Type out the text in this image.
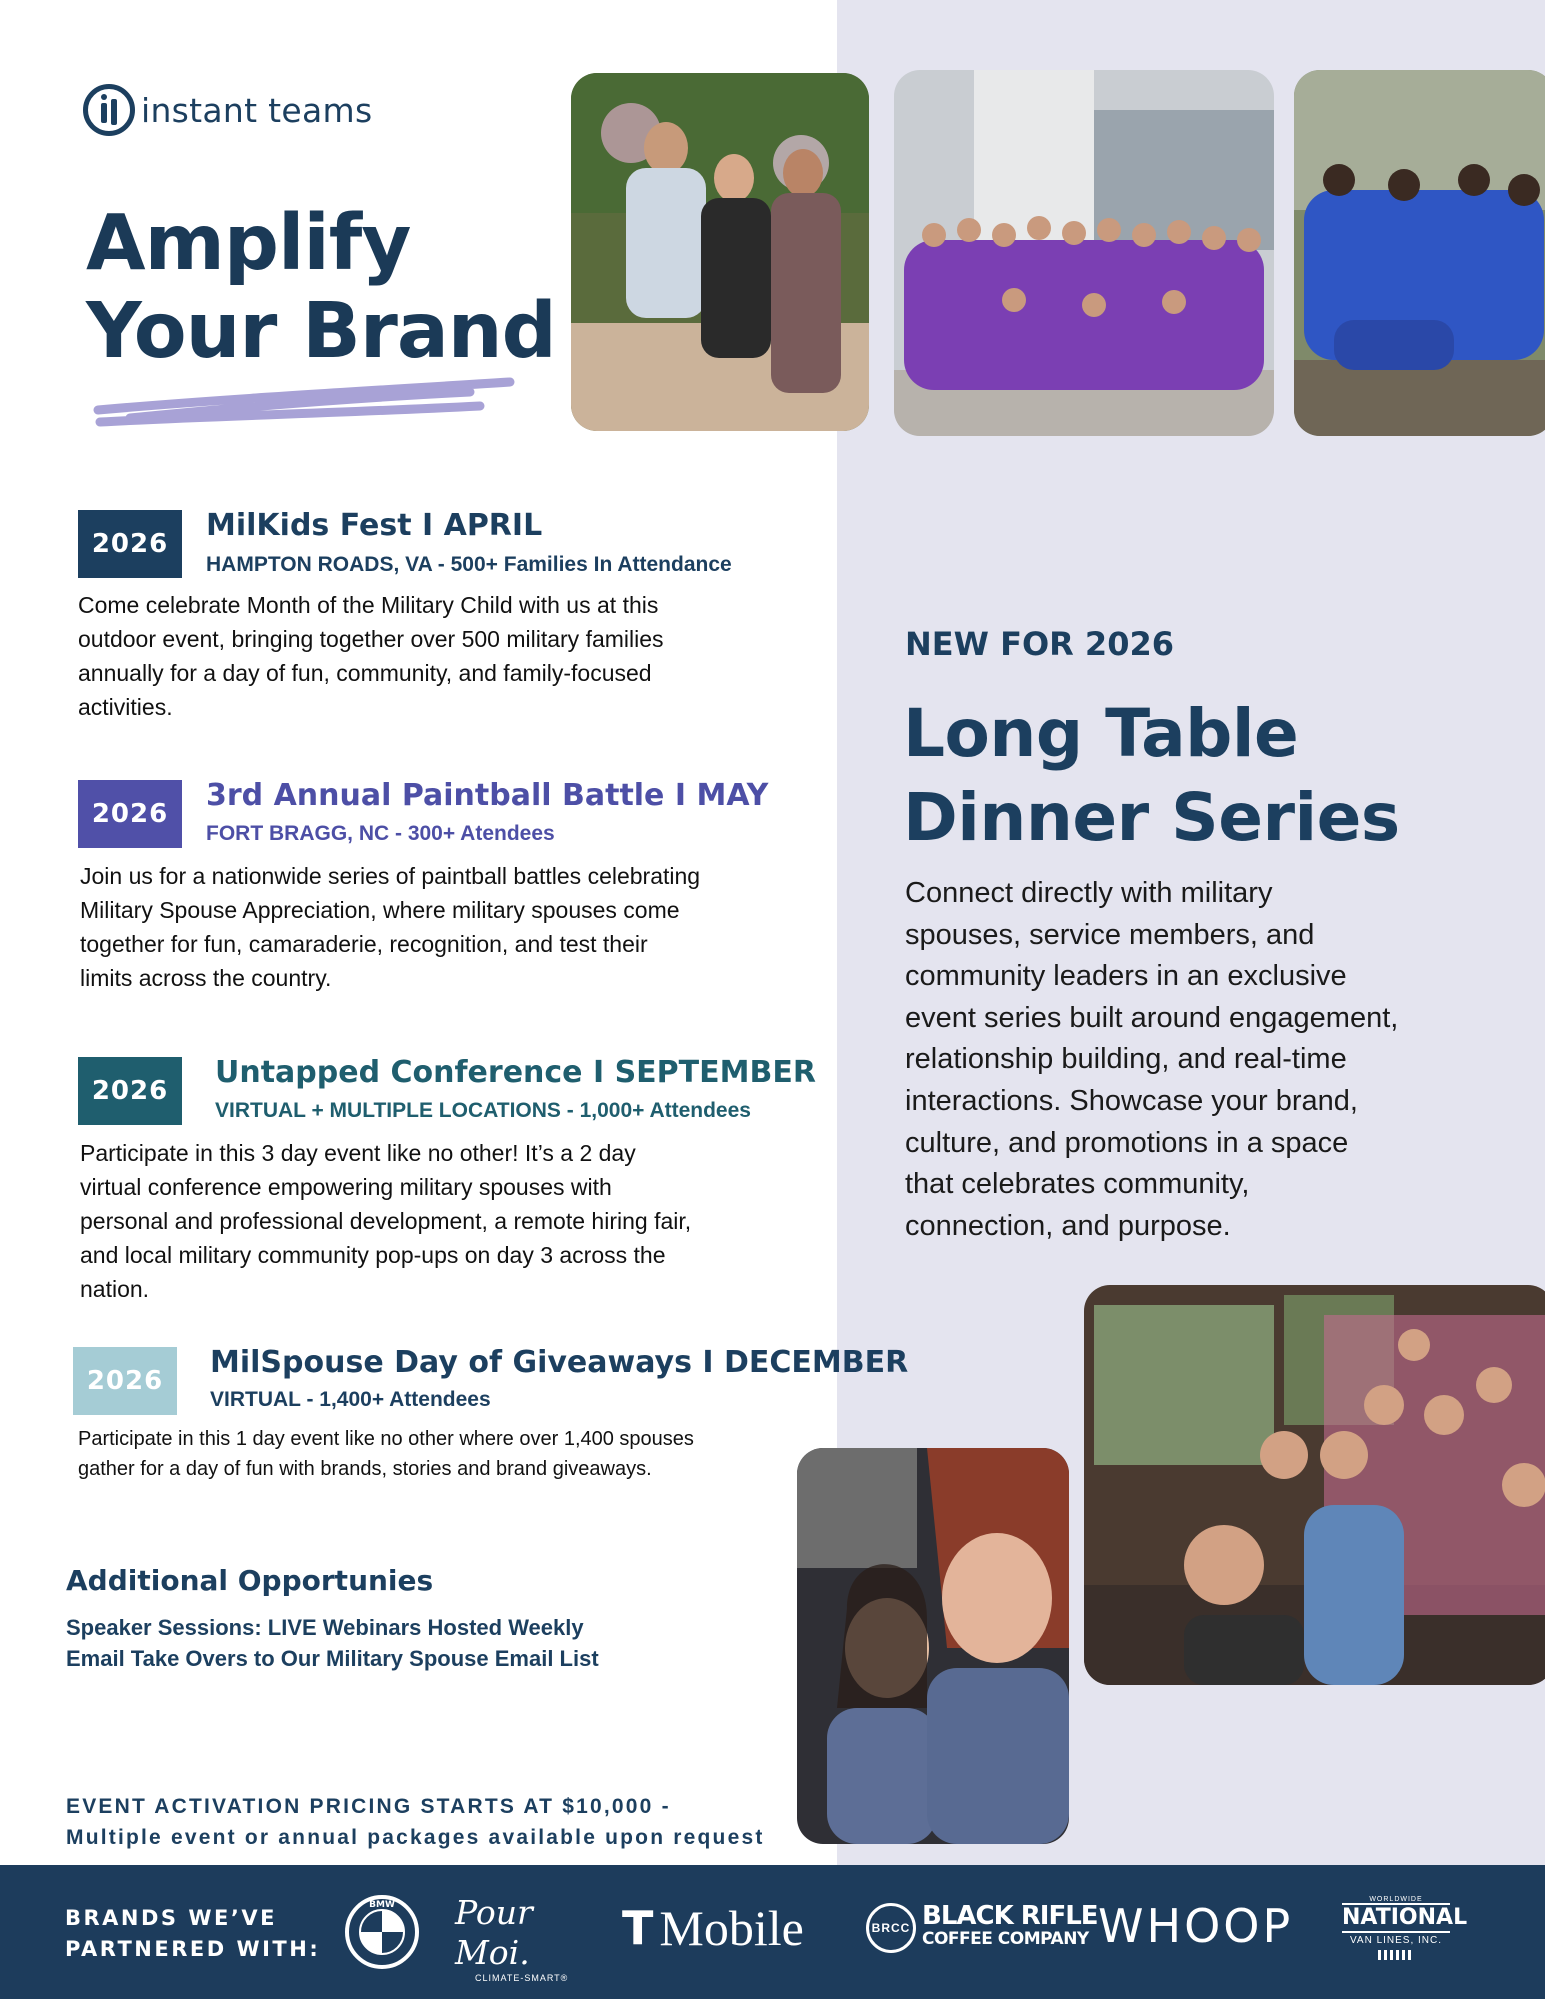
instant teams
Amplify
Your Brand
2026
MilKids Fest I APRIL
HAMPTON ROADS, VA - 500+ Families In Attendance
Come celebrate Month of the Military Child with us at this
outdoor event, bringing together over 500 military families
annually for a day of fun, community, and family-focused
activities.
2026
3rd Annual Paintball Battle I MAY
FORT BRAGG, NC - 300+ Atendees
Join us for a nationwide series of paintball battles celebrating
Military Spouse Appreciation, where military spouses come
together for fun, camaraderie, recognition, and test their
limits across the country.
2026
Untapped Conference I SEPTEMBER
VIRTUAL + MULTIPLE LOCATIONS - 1,000+ Attendees
Participate in this 3 day event like no other! It’s a 2 day
virtual conference empowering military spouses with
personal and professional development, a remote hiring fair,
and local military community pop-ups on day 3 across the
nation.
2026
MilSpouse Day of Giveaways I DECEMBER
VIRTUAL - 1,400+ Attendees
Participate in this 1 day event like no other where over 1,400 spouses
gather for a day of fun with brands, stories and brand giveaways.
Additional Opportunies
Speaker Sessions: LIVE Webinars Hosted Weekly
Email Take Overs to Our Military Spouse Email List
EVENT ACTIVATION PRICING STARTS AT $10,000 -
Multiple event or annual packages available upon request
NEW FOR 2026
Long Table
Dinner Series
Connect directly with military
spouses, service members, and
community leaders in an exclusive
event series built around engagement,
relationship building, and real-time
interactions. Showcase your brand,
culture, and promotions in a space
that celebrates community,
connection, and purpose.
BRANDS WE’VE
PARTNERED WITH:
BMW Pour Moi.
CLIMATE-SMART®
T Mobile	BRCC BLACK RIFLE
COFFEE COMPANY WHOOP	WORLDWIDE
NATIONAL
VAN LINES, INC.
